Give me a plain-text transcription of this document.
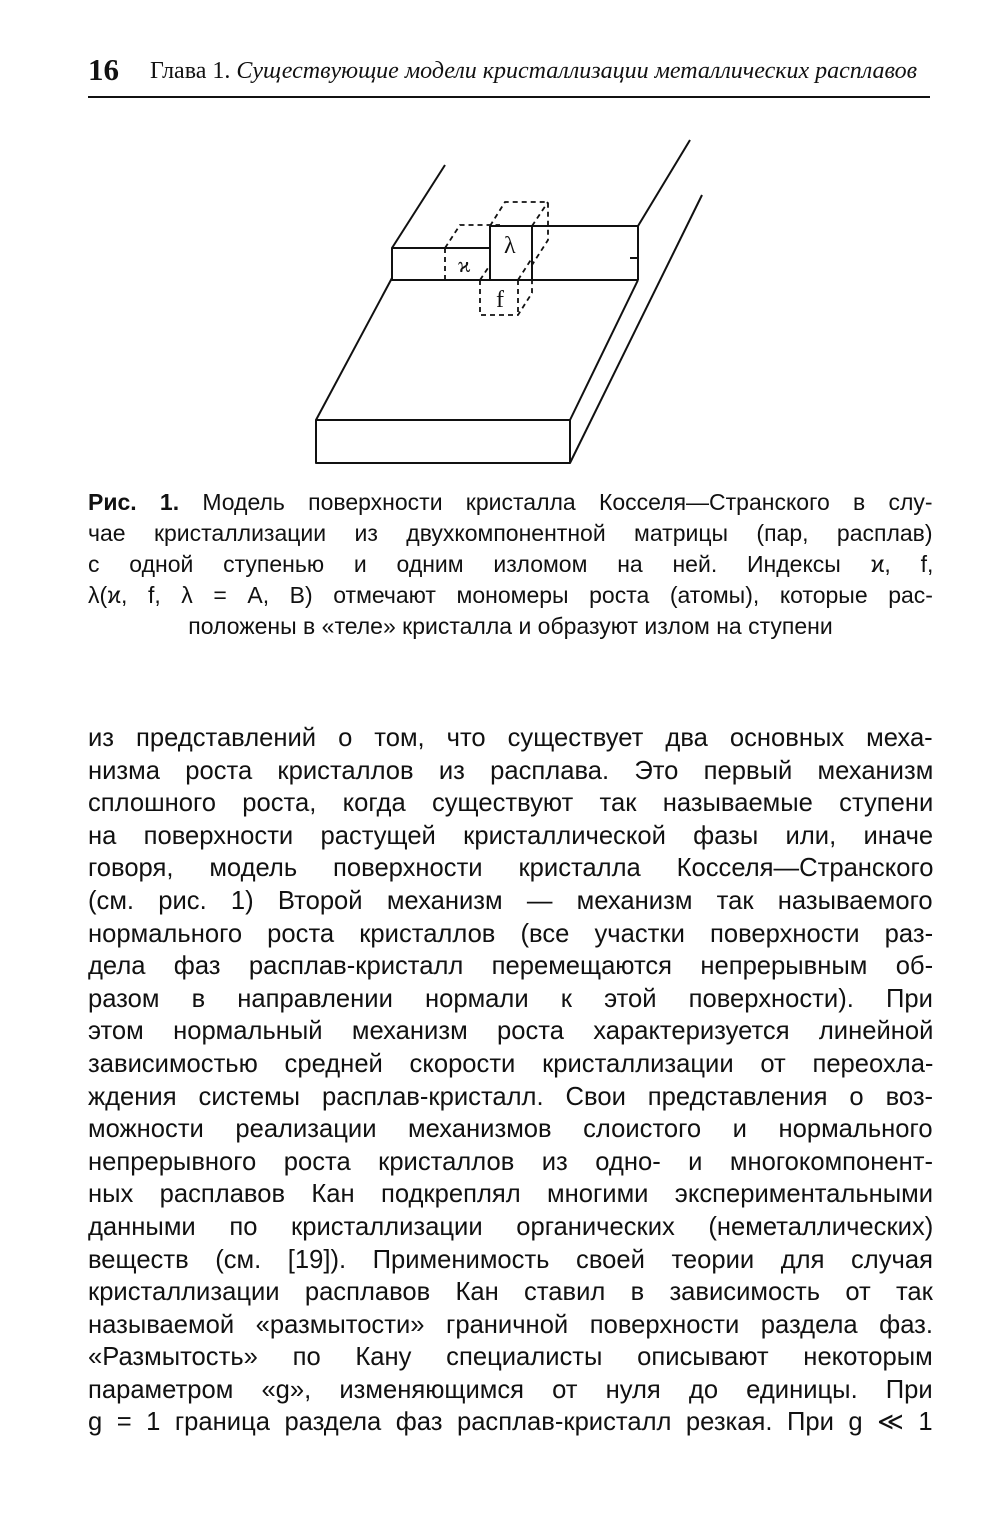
16 Глава 1. Существующие модели кристаллизации металлических расплавов
ϰ
λ
f
Рис. 1. Модель поверхности кристалла Косселя—Странского в слу-
чае кристаллизации из двухкомпонентной матрицы (пар, расплав)
с одной ступенью и одним изломом на ней. Индексы ϰ, f,
λ(ϰ, f, λ = A, B) отмечают мономеры роста (атомы), которые рас-
положены в «теле» кристалла и образуют излом на ступени
из представлений о том, что существует два основных меха-
низма роста кристаллов из расплава. Это первый механизм
сплошного роста, когда существуют так называемые ступени
на поверхности растущей кристаллической фазы или, иначе
говоря, модель поверхности кристалла Косселя—Странского
(см. рис. 1) Второй механизм — механизм так называемого
нормального роста кристаллов (все участки поверхности раз-
дела фаз расплав-кристалл перемещаются непрерывным об-
разом в направлении нормали к этой поверхности). При
этом нормальный механизм роста характеризуется линейной
зависимостью средней скорости кристаллизации от переохла-
ждения системы расплав-кристалл. Свои представления о воз-
можности реализации механизмов слоистого и нормального
непрерывного роста кристаллов из одно- и многокомпонент-
ных расплавов Кан подкреплял многими экспериментальными
данными по кристаллизации органических (неметаллических)
веществ (см. [19]). Применимость своей теории для случая
кристаллизации расплавов Кан ставил в зависимость от так
называемой «размытости» граничной поверхности раздела фаз.
«Размытость» по Кану специалисты описывают некоторым
параметром «g», изменяющимся от нуля до единицы. При
g = 1 граница раздела фаз расплав-кристалл резкая. При g ≪ 1
